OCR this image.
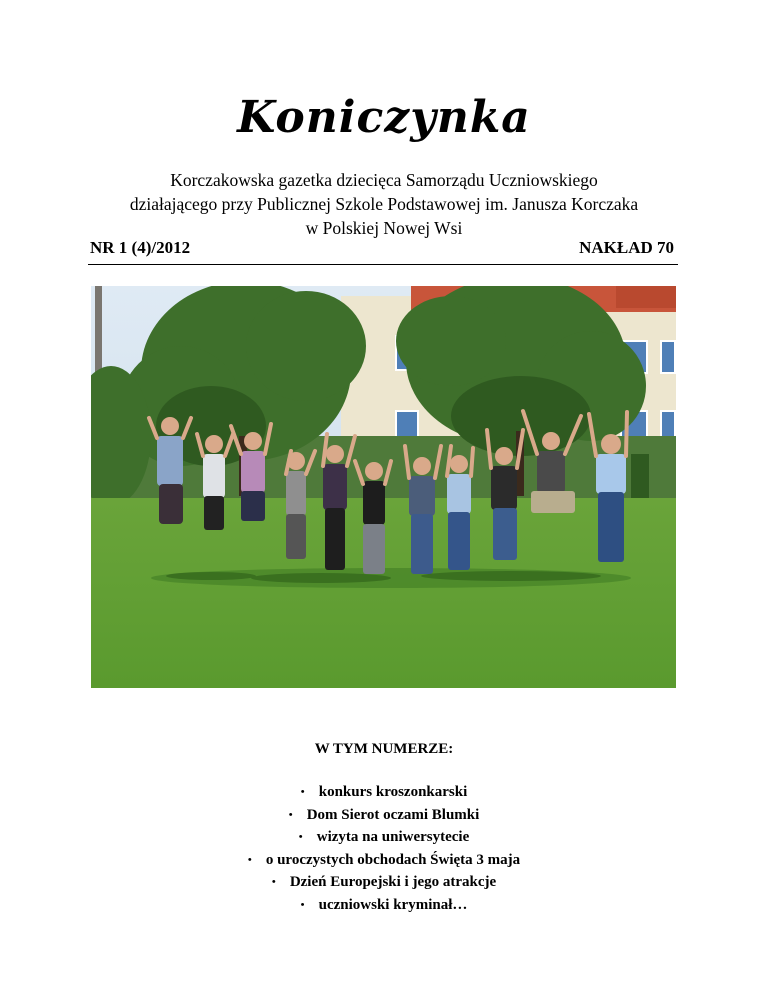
Koniczynka
Korczakowska gazetka dziecięca Samorządu Uczniowskiego
działającego przy Publicznej Szkole Podstawowej im. Janusza Korczaka
w Polskiej Nowej Wsi
NR 1 (4)/2012	NAKŁAD 70
W TYM NUMERZE:
• konkurs kroszonkarski
• Dom Sierot oczami Blumki
• wizyta na uniwersytecie
• o uroczystych obchodach Święta 3 maja
• Dzień Europejski i jego atrakcje
• uczniowski kryminał…
